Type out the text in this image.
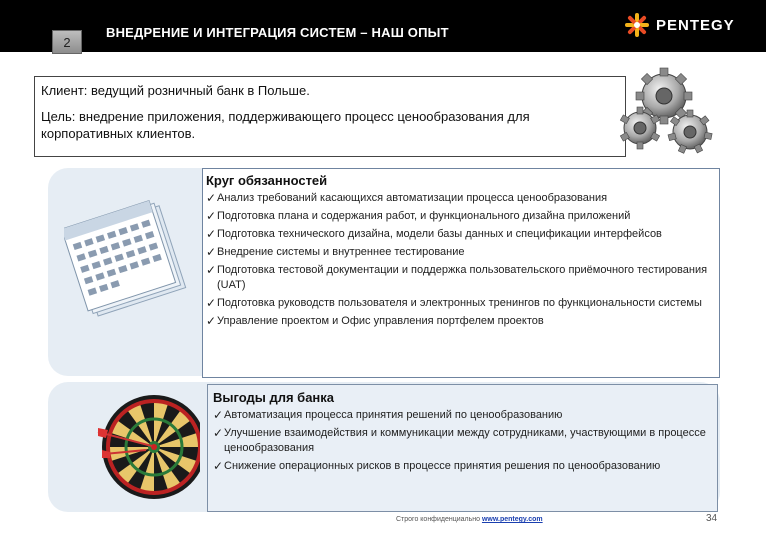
2
ВНЕДРЕНИЕ И ИНТЕГРАЦИЯ СИСТЕМ – НАШ ОПЫТ	PENTEGY
Клиент: ведущий розничный банк в Польше.
Цель: внедрение приложения, поддерживающего процесс ценообразования для корпоративных клиентов.
Круг обязанностей
✓ Анализ требований касающихся автоматизации процесса ценообразования
✓ Подготовка плана и содержания работ, и функционального дизайна приложений
✓ Подготовка технического дизайна, модели базы данных и спецификации интерфейсов
✓ Внедрение системы и внутреннее тестирование
✓ Подготовка тестовой документации и поддержка пользовательского приёмочного тестирования (UAT)
✓ Подготовка руководств пользователя и электронных тренингов по функциональности системы
✓ Управление проектом и Офис управления портфелем проектов
Выгоды для банка
✓ Автоматизация процесса принятия решений по ценообразованию
✓ Улучшение взаимодействия и коммуникации между сотрудниками, участвующими в процессе ценообразования
✓ Снижение операционных рисков в процессе принятия решения по ценообразованию
Строго конфиденциально www.pentegy.com	34
